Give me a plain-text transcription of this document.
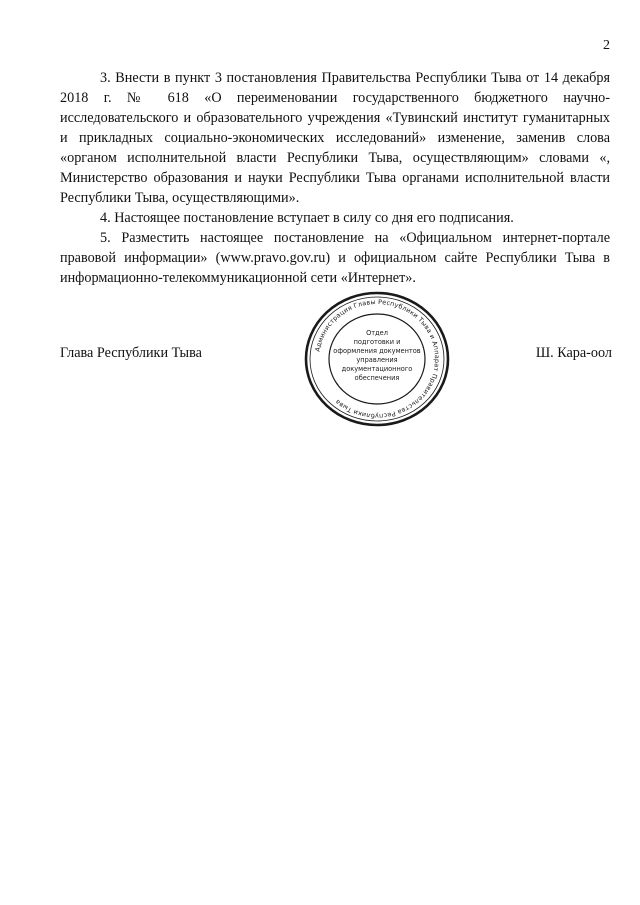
2

3. Внести в пункт 3 постановления Правительства Республики Тыва от 14 декабря 2018 г. № 618 «О переименовании государственного бюджетного научно-исследовательского и образовательного учреждения «Тувинский институт гуманитарных и прикладных социально-экономических исследований» изменение, заменив слова «органом исполнительной власти Республики Тыва, осуществляющим» словами «, Министерство образования и науки Республики Тыва органами исполнительной власти Республики Тыва, осуществляющими».

4. Настоящее постановление вступает в силу со дня его подписания.

5. Разместить настоящее постановление на «Официальном интернет-портале правовой информации» (www.pravo.gov.ru) и официальном сайте Республики Тыва в информационно-телекоммуникационной сети «Интернет».

Администрация Главы Республики Тыва и Аппарат Правительства Республики Тыва
Отдел
подготовки и
оформления документов
управления
документационного
обеспечения
Глава Республики Тыва	Ш. Кара-оол
